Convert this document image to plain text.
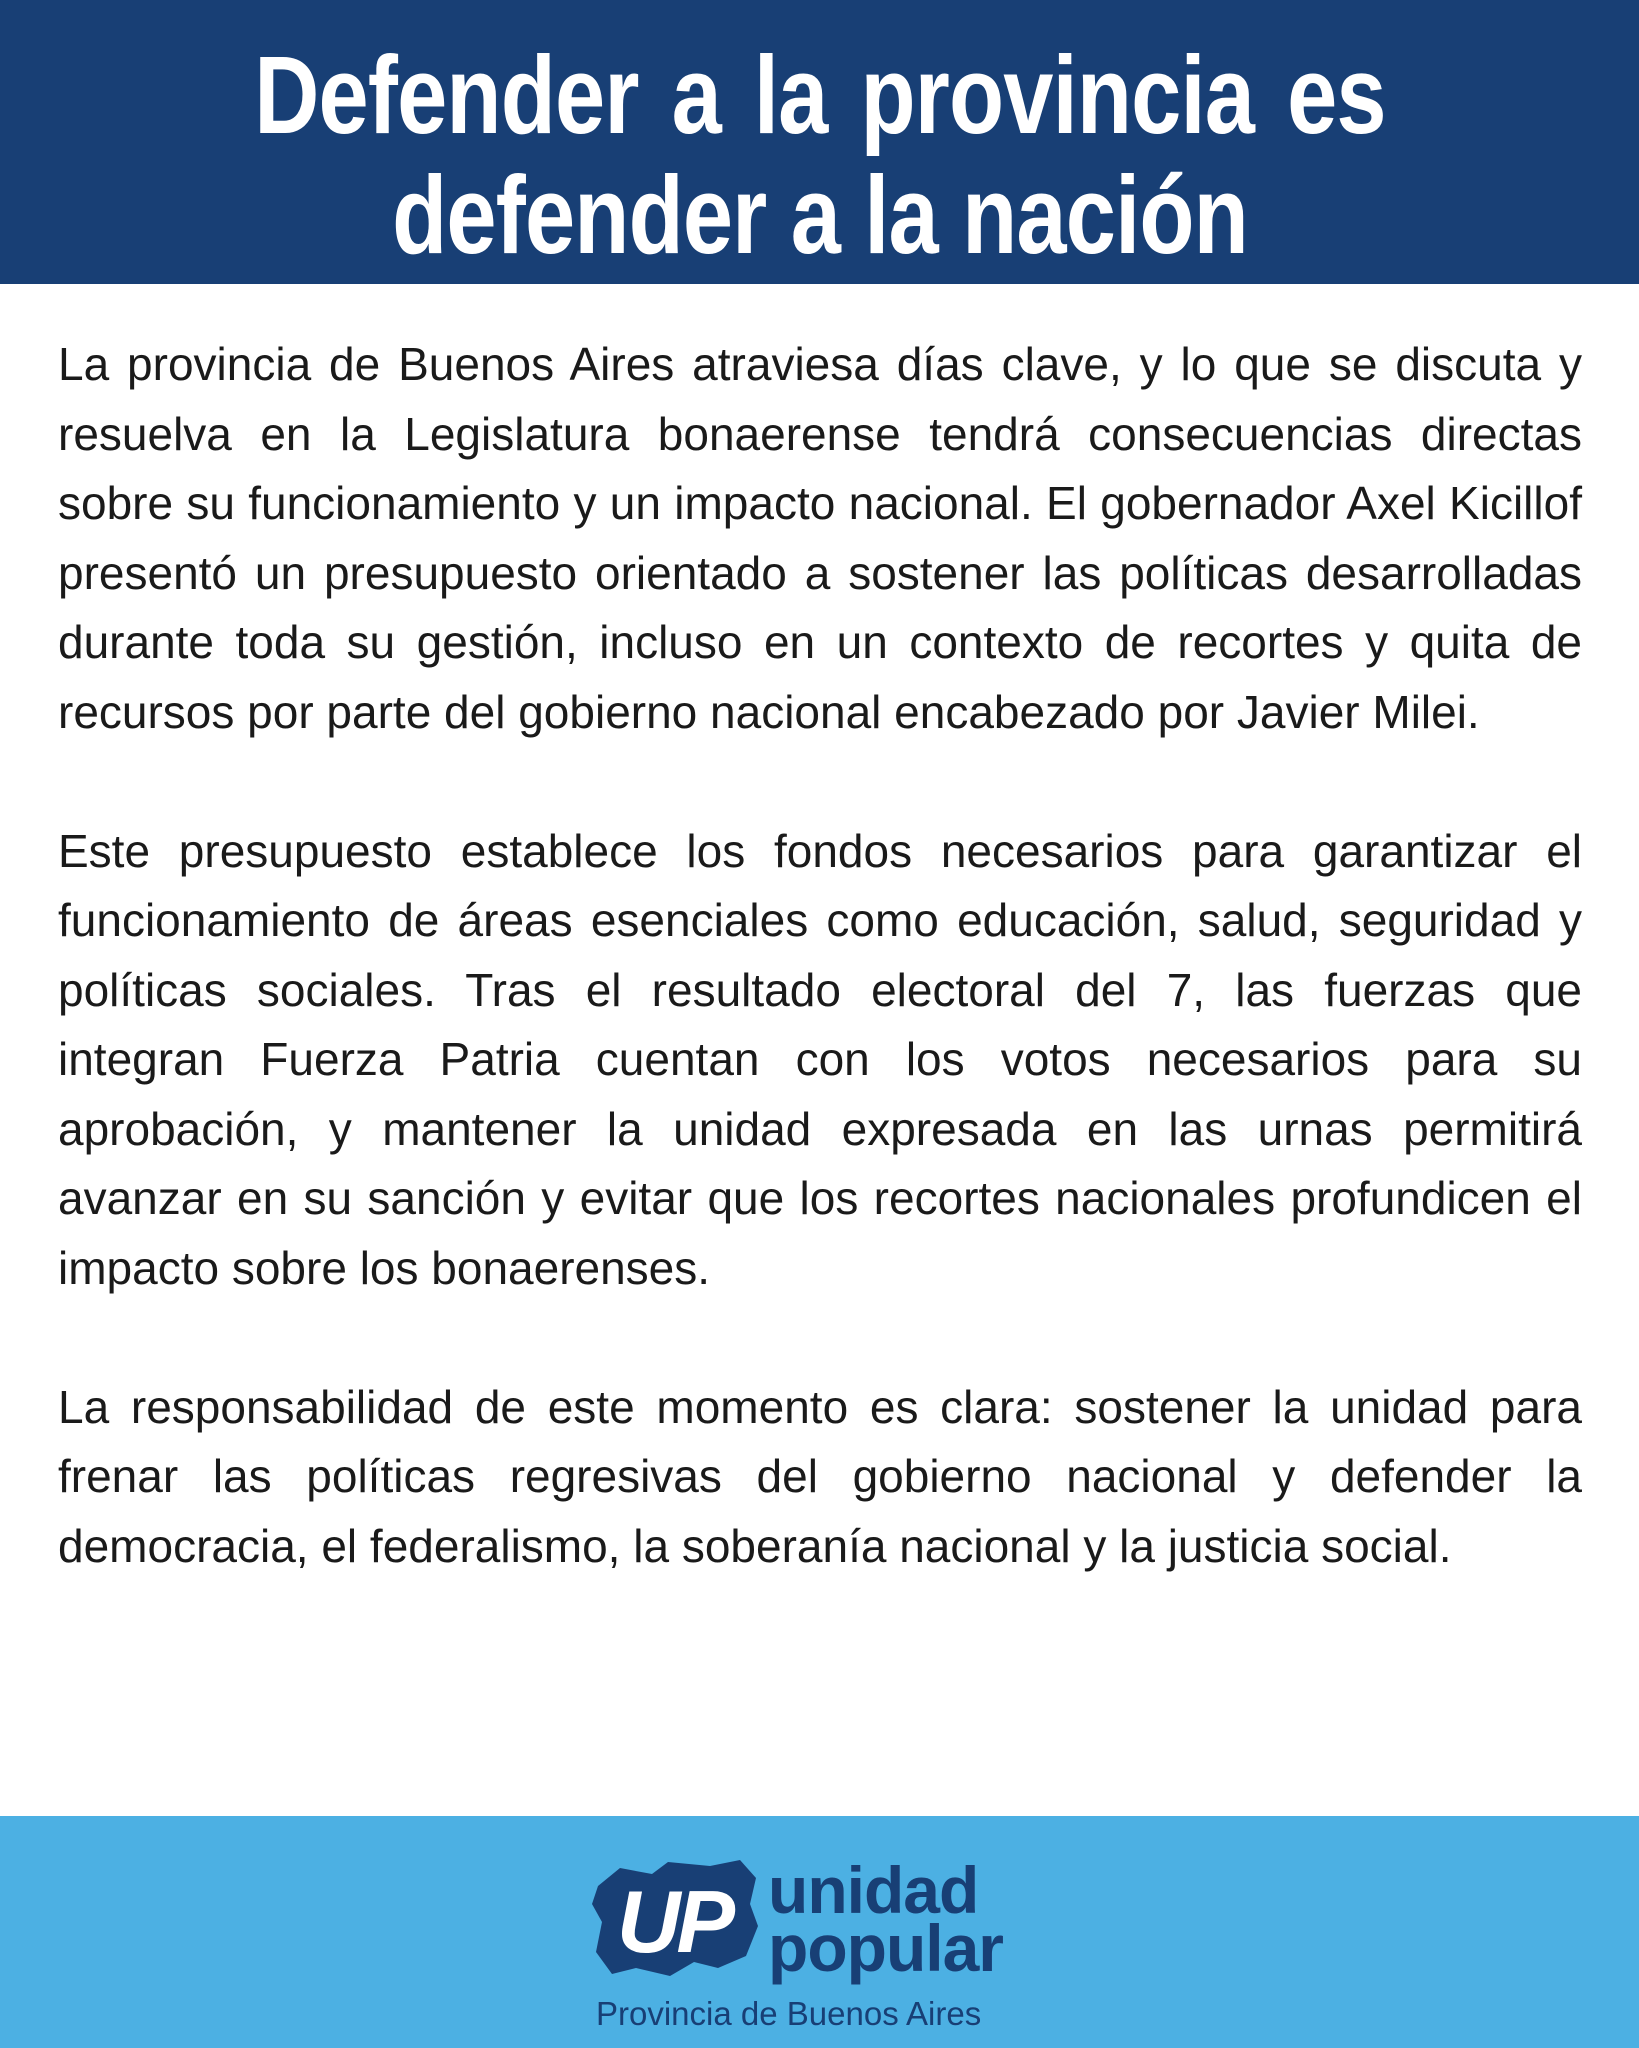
Defender a la provincia es
defender a la nación

La provincia de Buenos Aires atraviesa días clave, y lo que se discuta y resuelva en la Legislatura bonaerense tendrá consecuencias directas sobre su funcionamiento y un impacto nacional. El gobernador Axel Kicillof presentó un presupuesto orientado a sostener las políticas desarrolladas durante toda su gestión, incluso en un contexto de recortes y quita de recursos por parte del gobierno nacional encabezado por Javier Milei.

Este presupuesto establece los fondos necesarios para garantizar el funcionamiento de áreas esenciales como educación, salud, seguridad y políticas sociales. Tras el resultado electoral del 7, las fuerzas que integran Fuerza Patria cuentan con los votos necesarios para su aprobación, y mantener la unidad expresada en las urnas permitirá avanzar en su sanción y evitar que los recortes nacionales profundicen el impacto sobre los bonaerenses.

La responsabilidad de este momento es clara: sostener la unidad para frenar las políticas regresivas del gobierno nacional y defender la democracia, el federalismo, la soberanía nacional y la justicia social.

UP unidad
popular
Provincia de Buenos Aires
